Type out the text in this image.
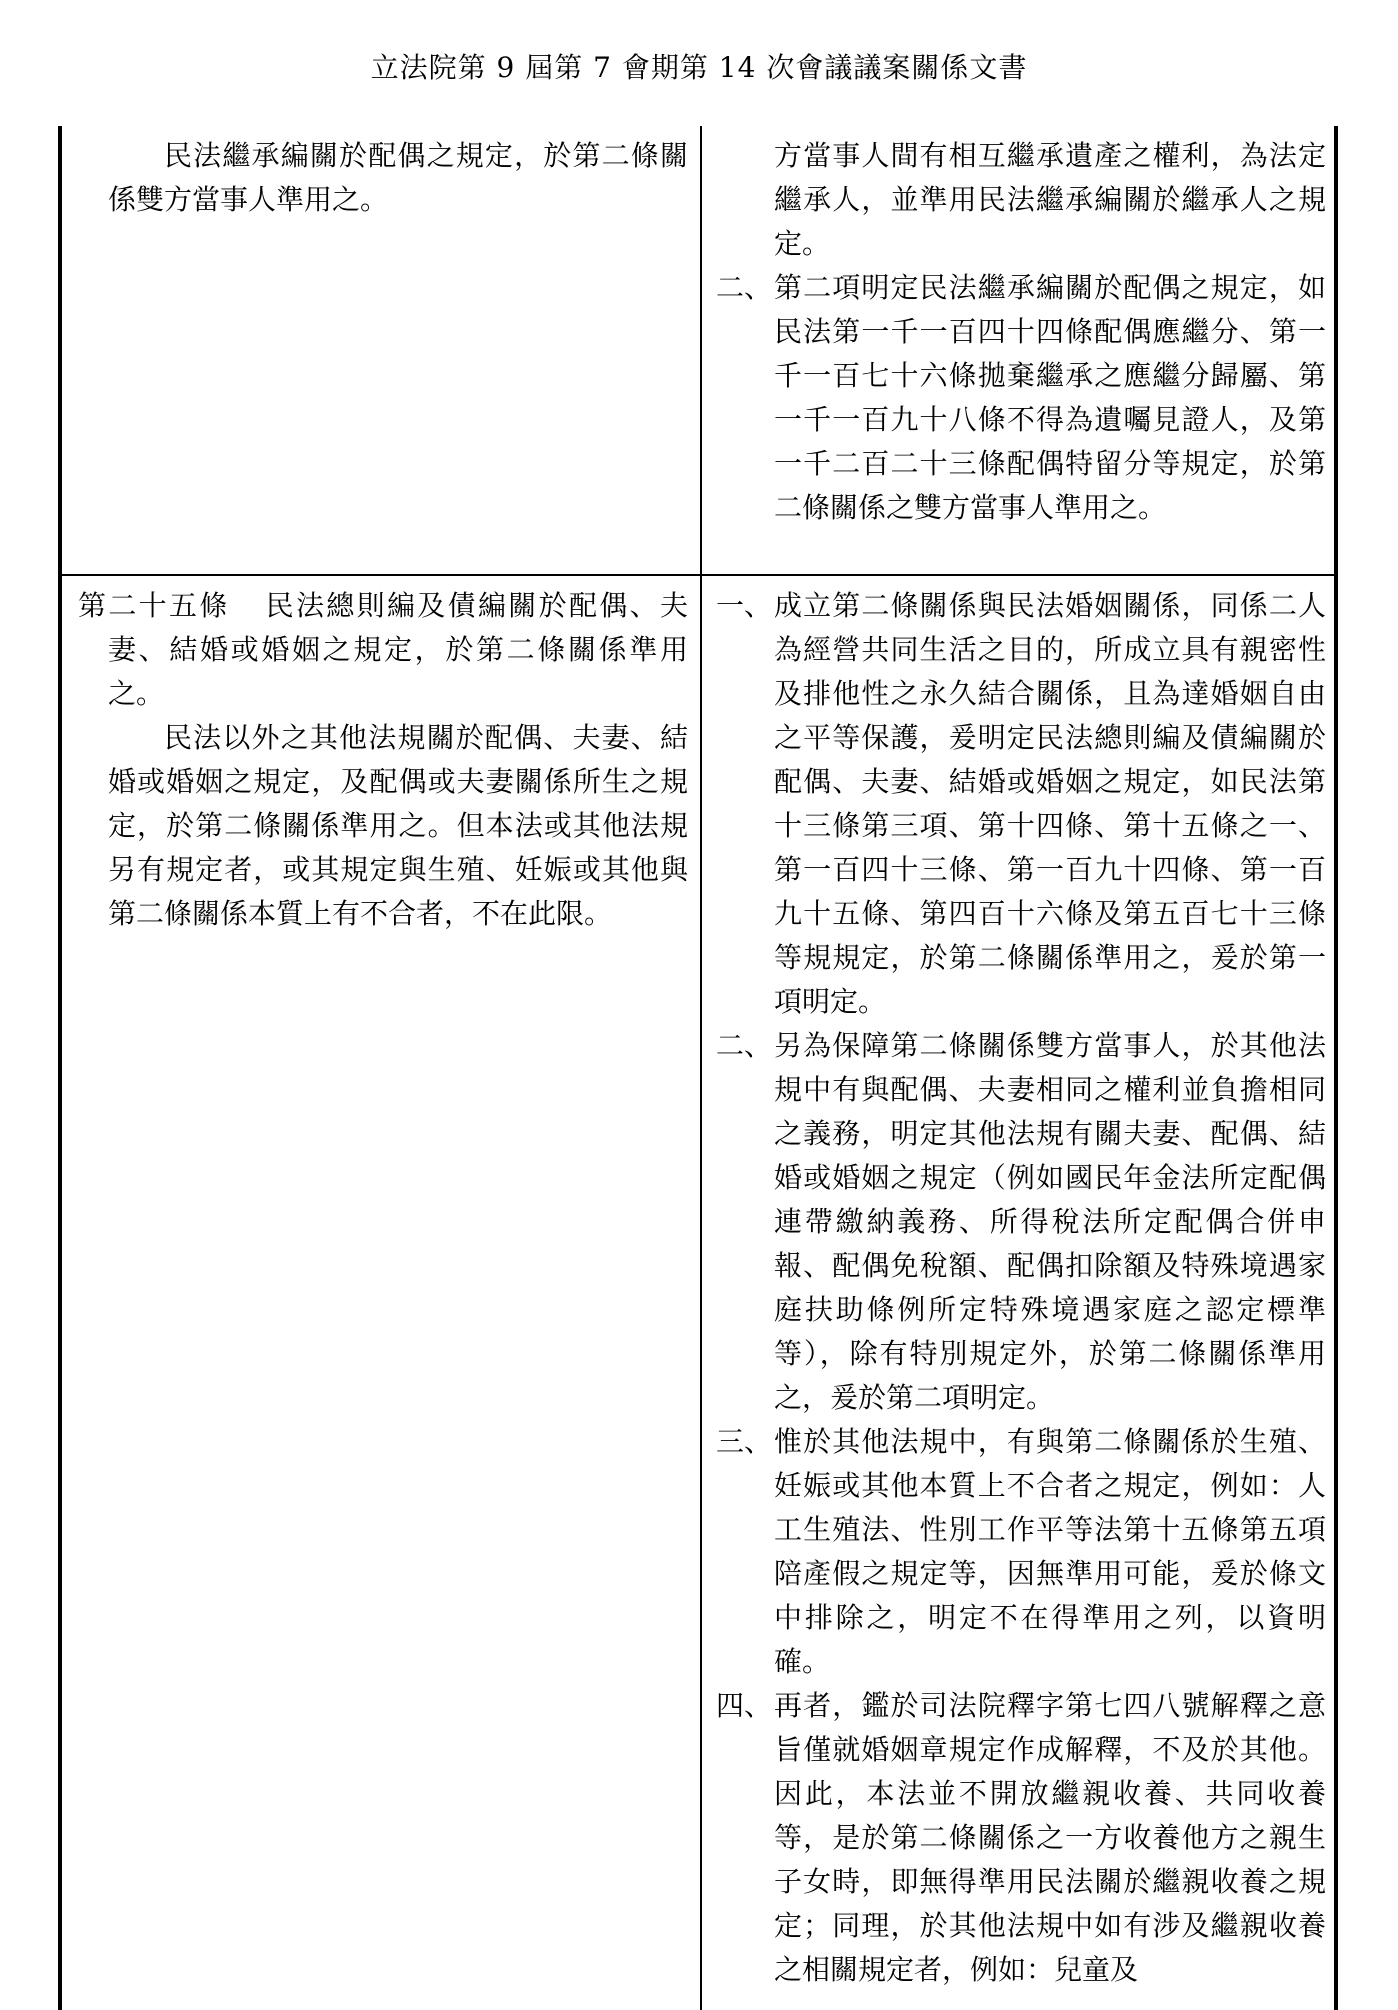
立法院第 9 屆第 7 會期第 14 次會議議案關係文書

民法繼承編關於配偶之規定，於第二條關係雙方當事人準用之。

方當事人間有相互繼承遺產之權利，為法定繼承人，並準用民法繼承編關於繼承人之規定。

二、 第二項明定民法繼承編關於配偶之規定，如民法第一千一百四十四條配偶應繼分、第一千一百七十六條拋棄繼承之應繼分歸屬、第一千一百九十八條不得為遺囑見證人，及第一千二百二十三條配偶特留分等規定，於第二條關係之雙方當事人準用之。

第二十五條 民法總則編及債編關於配偶、夫妻、結婚或婚姻之規定，於第二條關係準用之。

民法以外之其他法規關於配偶、夫妻、結婚或婚姻之規定，及配偶或夫妻關係所生之規定，於第二條關係準用之。但本法或其他法規另有規定者，或其規定與生殖、妊娠或其他與第二條關係本質上有不合者，不在此限。

一、 成立第二條關係與民法婚姻關係，同係二人為經營共同生活之目的，所成立具有親密性及排他性之永久結合關係，且為達婚姻自由之平等保護，爰明定民法總則編及債編關於配偶、夫妻、結婚或婚姻之規定，如民法第十三條第三項、第十四條、第十五條之一、第一百四十三條、第一百九十四條、第一百九十五條、第四百十六條及第五百七十三條等規規定，於第二條關係準用之，爰於第一項明定。
二、 另為保障第二條關係雙方當事人，於其他法規中有與配偶、夫妻相同之權利並負擔相同之義務，明定其他法規有關夫妻、配偶、結婚或婚姻之規定（例如國民年金法所定配偶連帶繳納義務、所得稅法所定配偶合併申報、配偶免稅額、配偶扣除額及特殊境遇家庭扶助條例所定特殊境遇家庭之認定標準等），除有特別規定外，於第二條關係準用之，爰於第二項明定。
三、 惟於其他法規中，有與第二條關係於生殖、妊娠或其他本質上不合者之規定，例如：人工生殖法、性別工作平等法第十五條第五項陪產假之規定等，因無準用可能，爰於條文中排除之，明定不在得準用之列，以資明確。
四、 再者，鑑於司法院釋字第七四八號解釋之意旨僅就婚姻章規定作成解釋，不及於其他。因此，本法並不開放繼親收養、共同收養等，是於第二條關係之一方收養他方之親生子女時，即無得準用民法關於繼親收養之規定；同理，於其他法規中如有涉及繼親收養之相關規定者，例如：兒童及
